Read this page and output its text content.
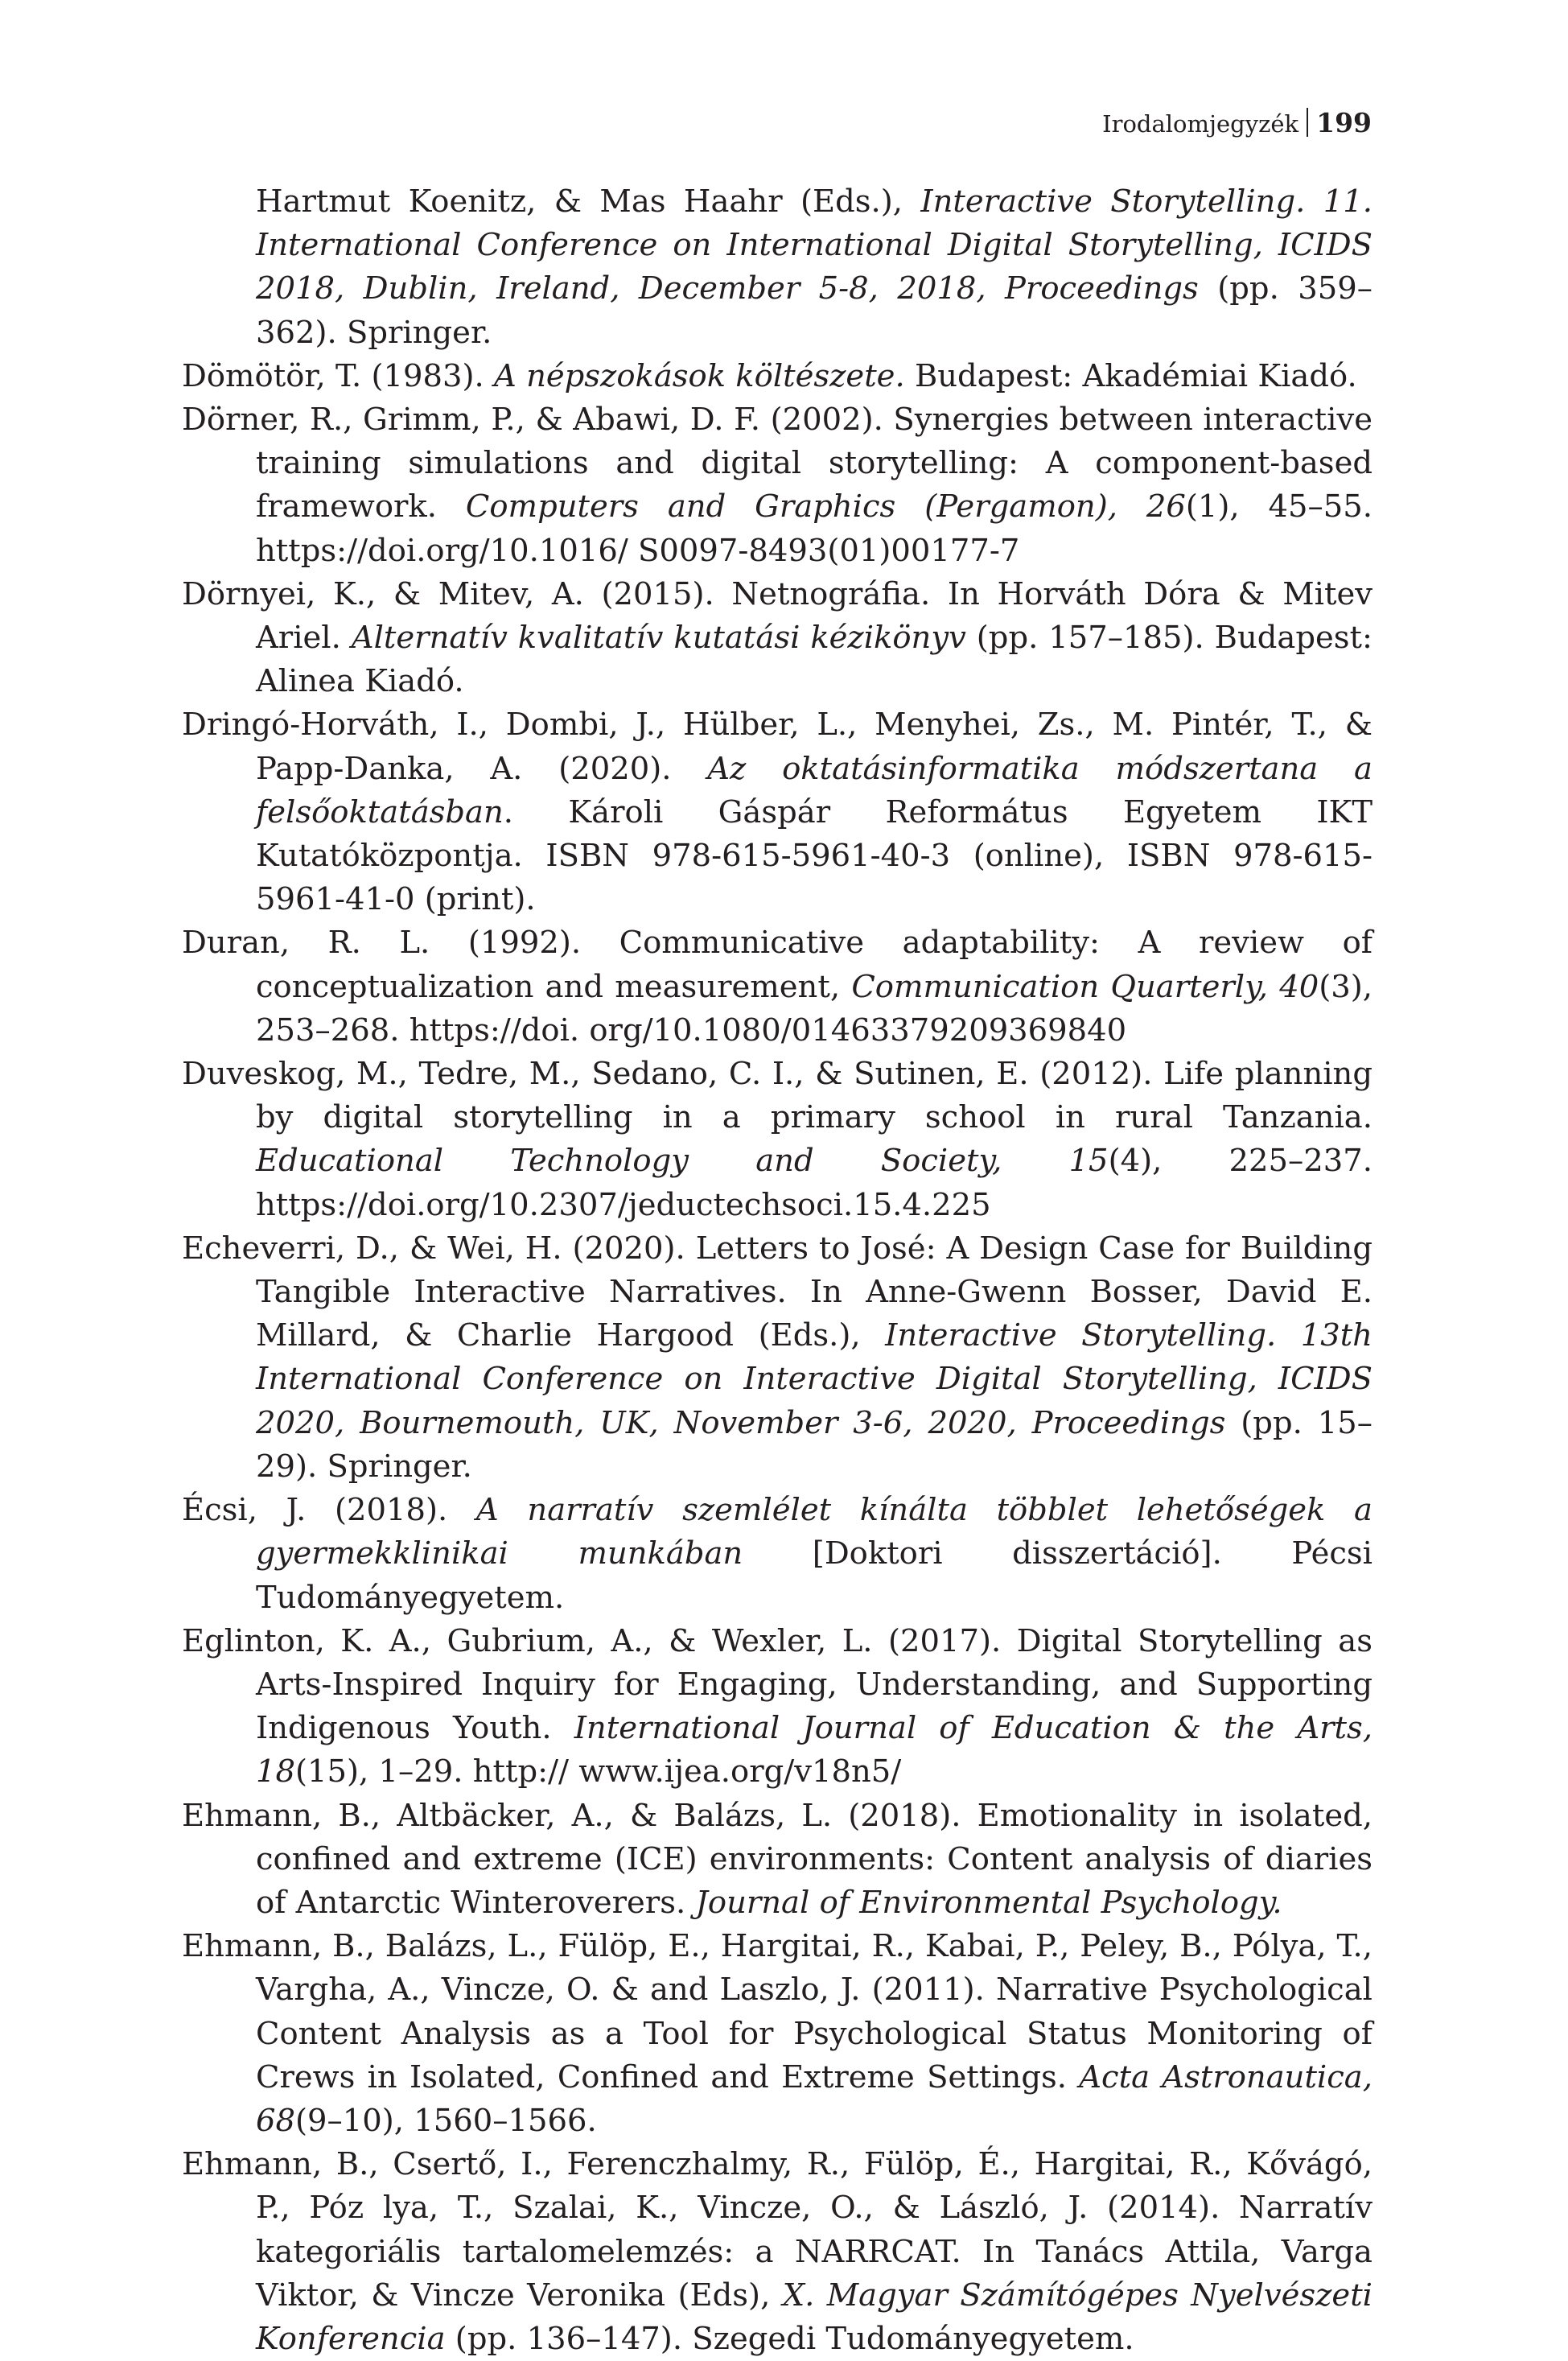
Irodalomjegyzék 199

Hartmut Koenitz, & Mas Haahr (Eds.), Interactive Storytelling. 11. International Conference on International Digital Storytelling, ICIDS 2018, Dublin, Ireland, December 5-8, 2018, Proceedings (pp. 359–362). Springer.

Dömötör, T. (1983). A népszokások költészete. Budapest: Akadémiai Kiadó.

Dörner, R., Grimm, P., & Abawi, D. F. (2002). Synergies between interactive training simulations and digital storytelling: A component-based framework. Computers and Graphics (Pergamon), 26(1), 45–55. https://doi.org/10.1016/ S0097-8493(01)00177-7

Dörnyei, K., & Mitev, A. (2015). Netnográfia. In Horváth Dóra & Mitev Ariel. Alternatív kvalitatív kutatási kézikönyv (pp. 157–185). Budapest: Alinea Kiadó.

Dringó-Horváth, I., Dombi, J., Hülber, L., Menyhei, Zs., M. Pintér, T., & Papp-Danka, A. (2020). Az oktatásinformatika módszertana a felsőoktatásban. Károli Gáspár Református Egyetem IKT Kutatóközpontja. ISBN 978-615-5961-40-3 (online), ISBN 978-615-5961-41-0 (print).

Duran, R. L. (1992). Communicative adaptability: A review of conceptualization and measurement, Communication Quarterly, 40(3), 253–268. https://doi. org/10.1080/01463379209369840

Duveskog, M., Tedre, M., Sedano, C. I., & Sutinen, E. (2012). Life planning by digital storytelling in a primary school in rural Tanzania. Educational Technology and Society, 15(4), 225–237. https://doi.org/10.2307/jeductechsoci.15.4.225

Echeverri, D., & Wei, H. (2020). Letters to José: A Design Case for Building Tangible Interactive Narratives. In Anne-Gwenn Bosser, David E. Millard, & Charlie Hargood (Eds.), Interactive Storytelling. 13th International Conference on Interactive Digital Storytelling, ICIDS 2020, Bournemouth, UK, November 3-6, 2020, Proceedings (pp. 15–29). Springer.

Écsi, J. (2018). A narratív szemlélet kínálta többlet lehetőségek a gyermekklinikai munkában [Doktori disszertáció]. Pécsi Tudományegyetem.

Eglinton, K. A., Gubrium, A., & Wexler, L. (2017). Digital Storytelling as Arts-Inspired Inquiry for Engaging, Understanding, and Supporting Indigenous Youth. International Journal of Education & the Arts, 18(15), 1–29. http:// www.ijea.org/v18n5/

Ehmann, B., Altbäcker, A., & Balázs, L. (2018). Emotionality in isolated, confined and extreme (ICE) environments: Content analysis of diaries of Antarctic Winteroverers. Journal of Environmental Psychology.

Ehmann, B., Balázs, L., Fülöp, E., Hargitai, R., Kabai, P., Peley, B., Pólya, T., Vargha, A., Vincze, O. & and Laszlo, J. (2011). Narrative Psychological Content Analysis as a Tool for Psychological Status Monitoring of Crews in Isolated, Confined and Extreme Settings. Acta Astronautica, 68(9–10), 1560–1566.

Ehmann, B., Csertő, I., Ferenczhalmy, R., Fülöp, É., Hargitai, R., Kővágó, P., Póz lya, T., Szalai, K., Vincze, O., & László, J. (2014). Narratív kategoriális tartalomelemzés: a NARRCAT. In Tanács Attila, Varga Viktor, & Vincze Veronika (Eds), X. Magyar Számítógépes Nyelvészeti Konferencia (pp. 136–147). Szegedi Tudományegyetem.
